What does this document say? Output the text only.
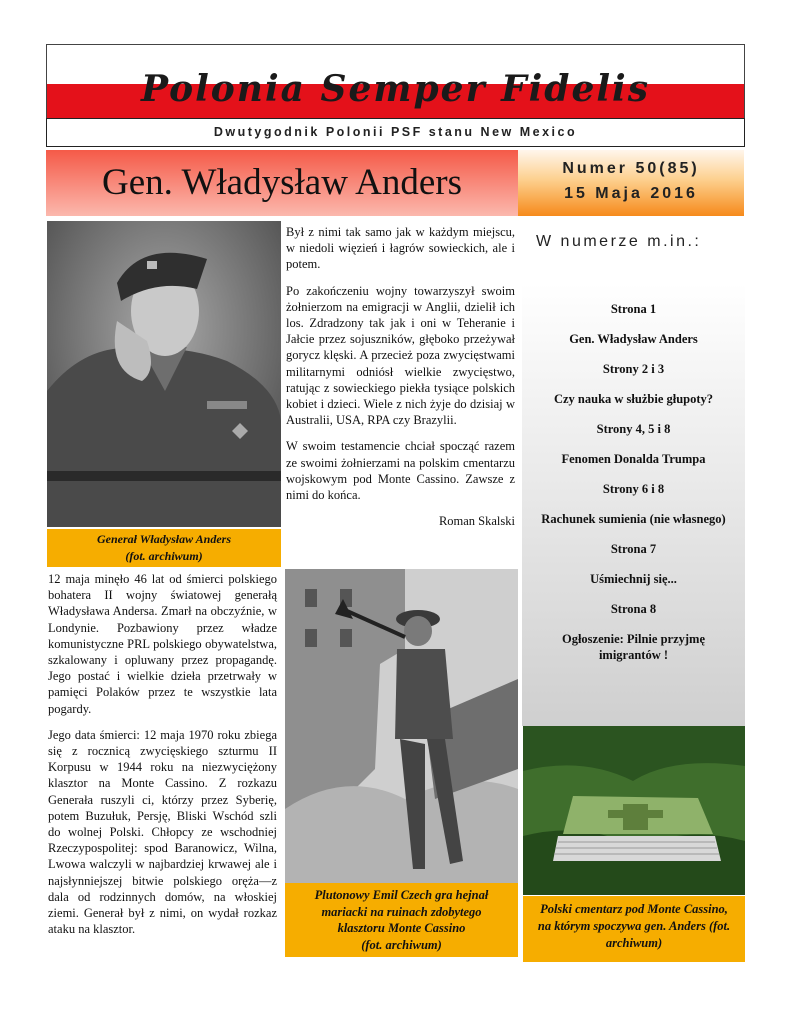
Polonia Semper Fidelis
Dwutygodnik Polonii PSF stanu New Mexico
Gen. Władysław Anders	Numer 50(85)
15 Maja 2016
Generał Władysław Anders
(fot. archiwum)

12 maja minęło 46 lat od śmierci polskiego bohatera II wojny światowej generałą Władysława Andersa. Zmarł na obczyźnie, w Londynie. Pozbawiony przez władze komunistyczne PRL polskiego obywatelstwa, szkalowany i opluwany przez propagandę. Jego postać i wielkie dzieła przetrwały w pamięci Polaków przez te wszystkie lata pogardy.

Jego data śmierci: 12 maja 1970 roku zbiega się z rocznicą zwycięskiego szturmu II Korpusu w 1944 roku na niezwyciężony klasztor na Monte Cassino. Z rozkazu Generała ruszyli ci, którzy przez Syberię, potem Buzułuk, Persję, Bliski Wschód szli do wolnej Polski. Chłopcy ze wschodniej Rzeczypospolitej: spod Baranowicz, Wilna, Lwowa walczyli w najbardziej krwawej ale i najsłynniejszej bitwie polskiego oręża—z dala od rodzinnych domów, na włoskiej ziemi. Generał był z nimi, on wydał rozkaz ataku na klasztor.

Był z nimi tak samo jak w każdym miejscu, w niedoli więzień i łagrów sowieckich, ale i potem.

Po zakończeniu wojny towarzyszył swoim żołnierzom na emigracji w Anglii, dzielił ich los. Zdradzony tak jak i oni w Teheranie i Jałcie przez sojuszników, głęboko przeżywał gorycz klęski. A przecież poza zwycięstwami militarnymi odniósł wielkie zwycięstwo, ratując z sowieckiego piekła tysiące polskich kobiet i dzieci. Wiele z nich żyje do dzisiaj w Australii, USA, RPA czy Brazylii.

W swoim testamencie chciał spocząć razem ze swoimi żołnierzami na polskim cmentarzu wojskowym pod Monte Cassino. Zawsze z nimi do końca.

Roman Skalski

Plutonowy Emil Czech gra hejnał
mariacki na ruinach zdobytego
klasztoru Monte Cassino
(fot. archiwum)
W numerze m.in.:
Strona 1
Gen. Władysław Anders
Strony 2 i 3
Czy nauka w służbie głupoty?
Strony 4, 5 i 8
Fenomen Donalda Trumpa
Strony 6 i 8
Rachunek sumienia (nie własnego)
Strona 7
Uśmiechnij się...
Strona 8
Ogłoszenie: Pilnie przyjmę imigrantów !
Polski cmentarz pod Monte Cassino,
na którym spoczywa gen. Anders (fot.
archiwum)
